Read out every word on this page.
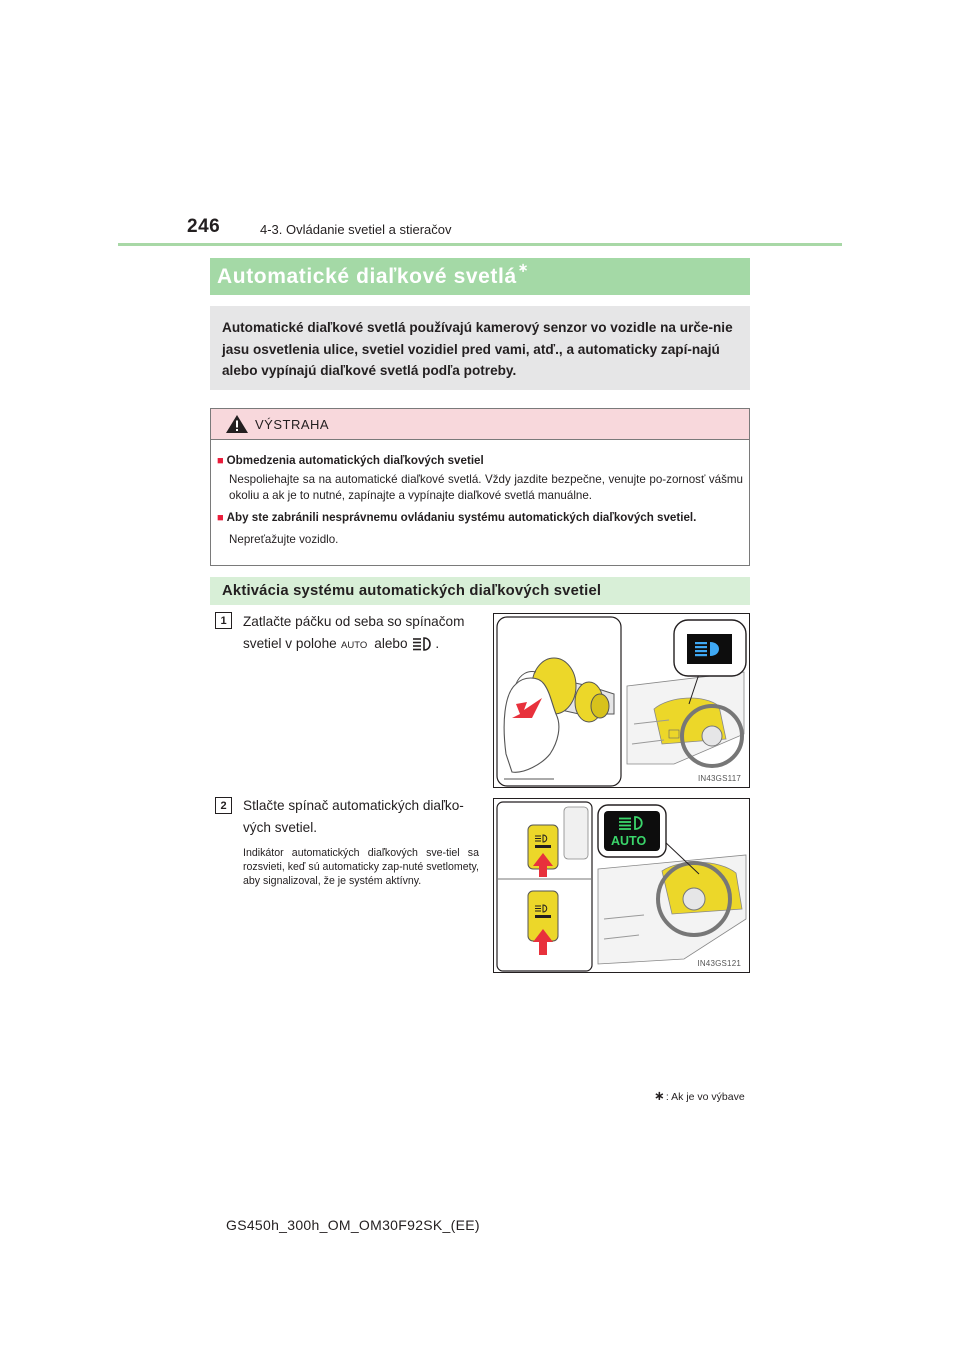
246	4-3. Ovládanie svetiel a stieračov
Automatické diaľkové svetlá ∗
Automatické diaľkové svetlá používajú kamerový senzor vo vozidle na urče-nie jasu osvetlenia ulice, svetiel vozidiel pred vami, atď., a automaticky zapí-najú alebo vypínajú diaľkové svetlá podľa potreby.
VÝSTRAHA
■ Obmedzenia automatických diaľkových svetiel
Nespoliehajte sa na automatické diaľkové svetlá. Vždy jazdite bezpečne, venujte po-zornosť vášmu okoliu a ak je to nutné, zapínajte a vypínajte diaľkové svetlá manuálne.
■ Aby ste zabránili nesprávnemu ovládaniu systému automatických diaľkových svetiel.
Nepreťažujte vozidlo.
Aktivácia systému automatických diaľkových svetiel
1	Zatlačte páčku od seba so spínačom svetiel v polohe AUTO alebo .
IN43GS117
2	Stlačte spínač automatických diaľko-vých svetiel.
Indikátor automatických diaľkových sve-tiel sa rozsvieti, keď sú automaticky zap-nuté svetlomety, aby signalizoval, že je systém aktívny.
AUTO
IN43GS121
∗: Ak je vo výbave
GS450h_300h_OM_OM30F92SK_(EE)
